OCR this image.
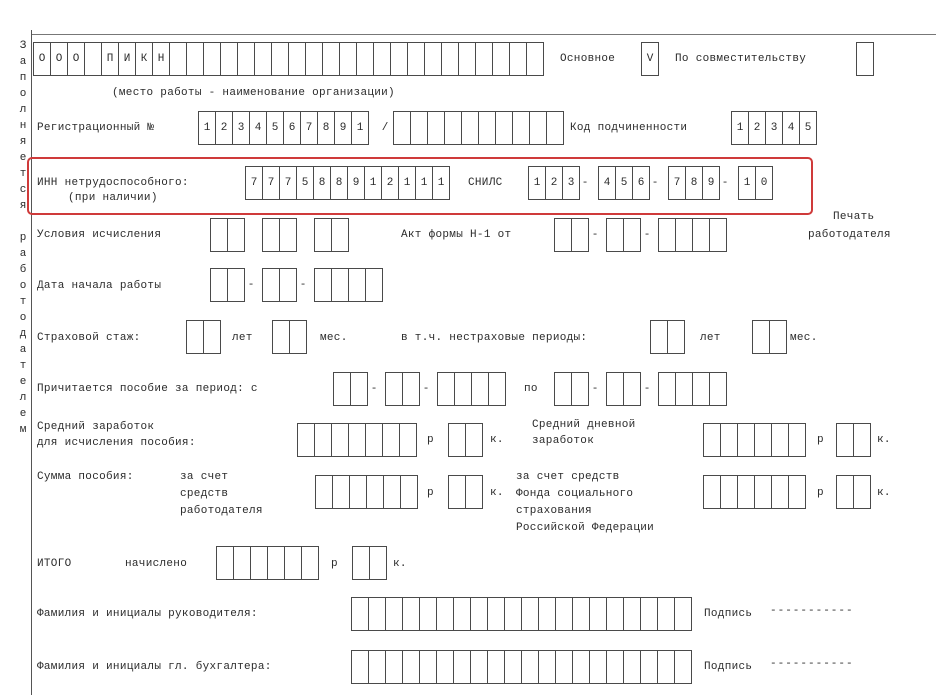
З
а
п
о
л
н
я
е
т
с
я

р
а
б
о
т
о
д
а
т
е
л
е
м
О О О	П И К Н
(место работы - наименование организации)
Основное	V	По совместительству
Регистрационный №	1 2 3 4 5 6 7 8 9 1	/	Код подчиненности	1 2 3 4 5
ИНН нетрудоспособного:
(при наличии)
7 7 7 5 8 8 9 1 2 1 1 1	СНИЛС	1 2 3 -	4 5 6 -	7 8 9 -	1 0
Условия исчисления	Акт формы Н-1 от	-	-
Печать
работодателя
Дата начала работы	-	-
Страховой стаж:	лет	мес.	в т.ч. нестраховые периоды:	лет	мес.
Причитается пособие за период: с	-	-	по	-	-
Средний заработок
для исчисления пособия:	р	к.
Средний дневной
заработок	р	к.
Сумма пособия:	за счет
средств
работодателя
р	к.
за счет средств
Фонда социального
страхования
Российской Федерации
р	к.
ИТОГО	начислено	р	к.
Фамилия и инициалы руководителя:	Подпись -----------
Фамилия и инициалы гл. бухгалтера:	Подпись -----------
